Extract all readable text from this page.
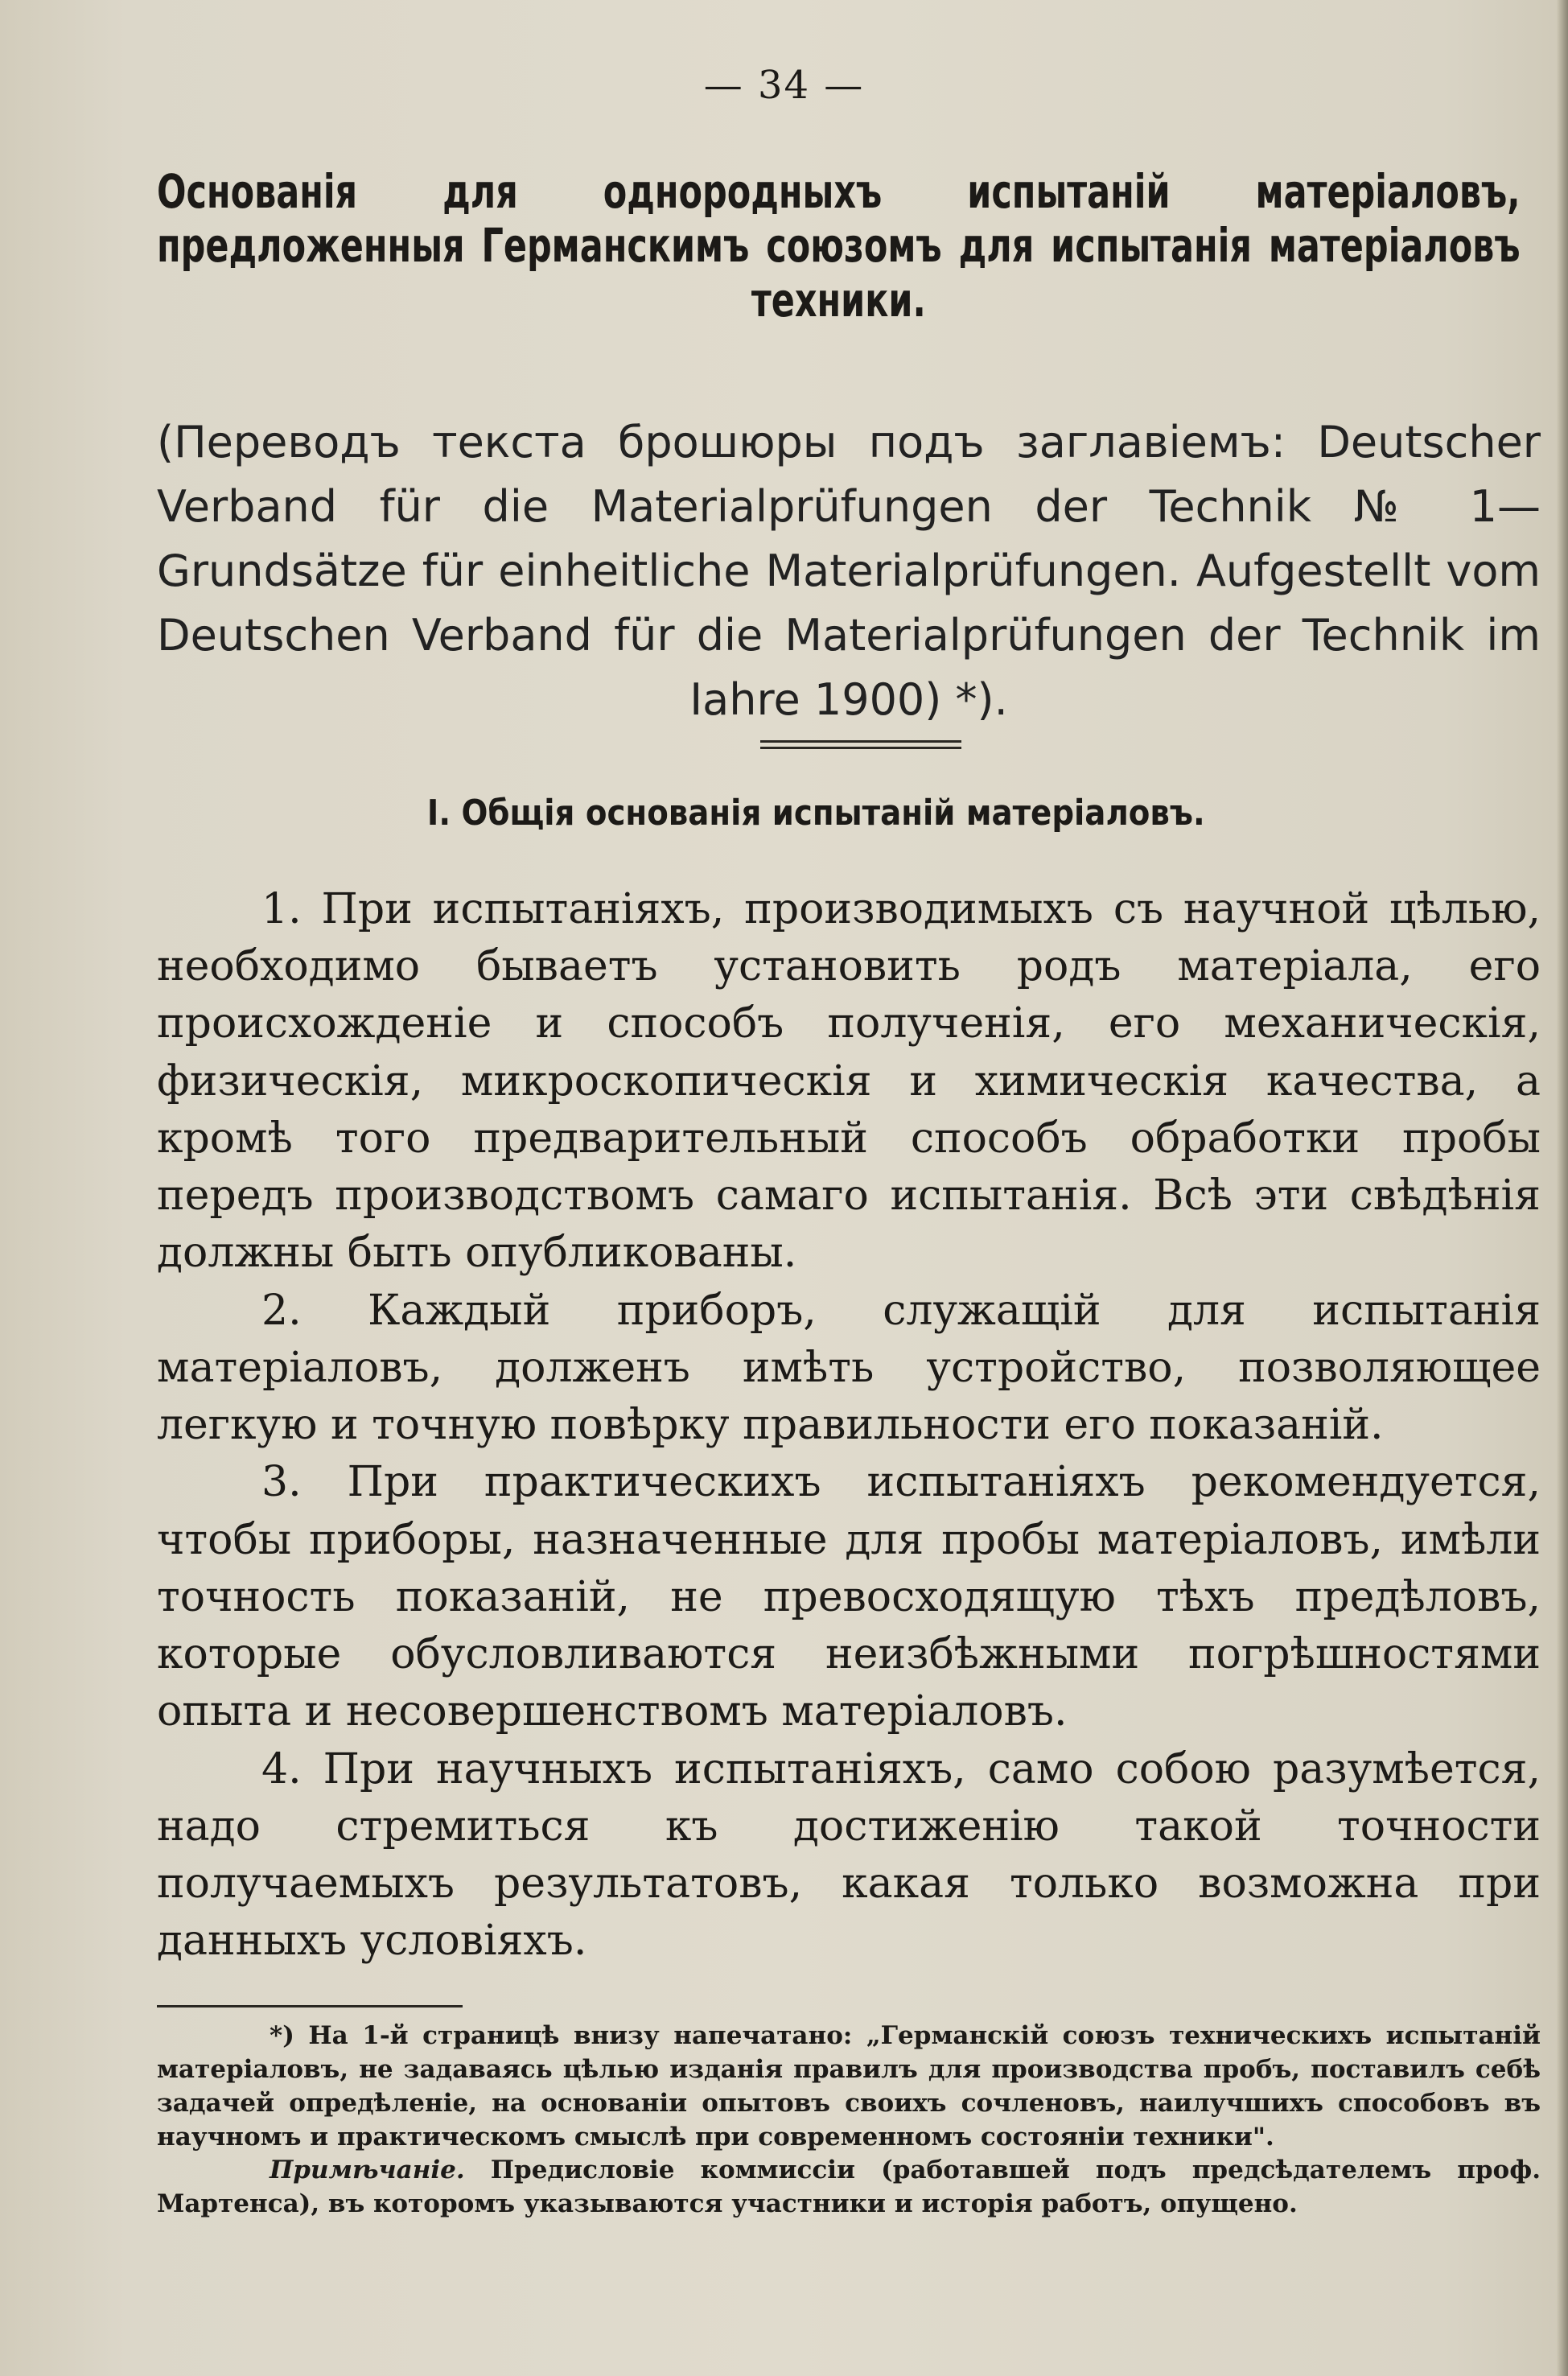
— 34 —
Основанія для однородныхъ испытаній матеріаловъ, предложенныя Германскимъ союзомъ для испытанія матеріаловъ техники.
(Переводъ текста брошюры подъ заглавіемъ: Deutscher Verband für die Materialprüfungen der Technik № 1—Grundsätze für einheitliche Materialprüfungen. Aufgestellt vom Deutschen Verband für die Materialprüfungen der Technik im Iahre 1900) *).
I. Общія основанія испытаній матеріаловъ.

1. При испытаніяхъ, производимыхъ съ научной цѣлью, необходимо бываетъ установить родъ матеріала, его происхожденіе и способъ полученія, его механическія, физическія, микроскопическія и химическія качества, а кромѣ того предварительный способъ обработки пробы передъ производствомъ самаго испытанія. Всѣ эти свѣдѣнія должны быть опубликованы.

2. Каждый приборъ, служащій для испытанія матеріаловъ, долженъ имѣть устройство, позволяющее легкую и точную повѣрку правильности его показаній.

3. При практическихъ испытаніяхъ рекомендуется, чтобы приборы, назначенные для пробы матеріаловъ, имѣли точность показаній, не превосходящую тѣхъ предѣловъ, которые обусловливаются неизбѣжными погрѣшностями опыта и несовершенствомъ матеріаловъ.

4. При научныхъ испытаніяхъ, само собою разумѣется, надо стремиться къ достиженію такой точности получаемыхъ результатовъ, какая только возможна при данныхъ условіяхъ.

*) На 1-й страницѣ внизу напечатано: „Германскій союзъ техническихъ испытаній матеріаловъ, не задаваясь цѣлью изданія правилъ для производства пробъ, поставилъ себѣ задачей опредѣленіе, на основаніи опытовъ своихъ сочленовъ, наилучшихъ способовъ въ научномъ и практическомъ смыслѣ при современномъ состояніи техники".

Примѣчаніе. Предисловіе коммиссіи (работавшей подъ предсѣдателемъ проф. Мартенса), въ которомъ указываются участники и исторія работъ, опущено.
